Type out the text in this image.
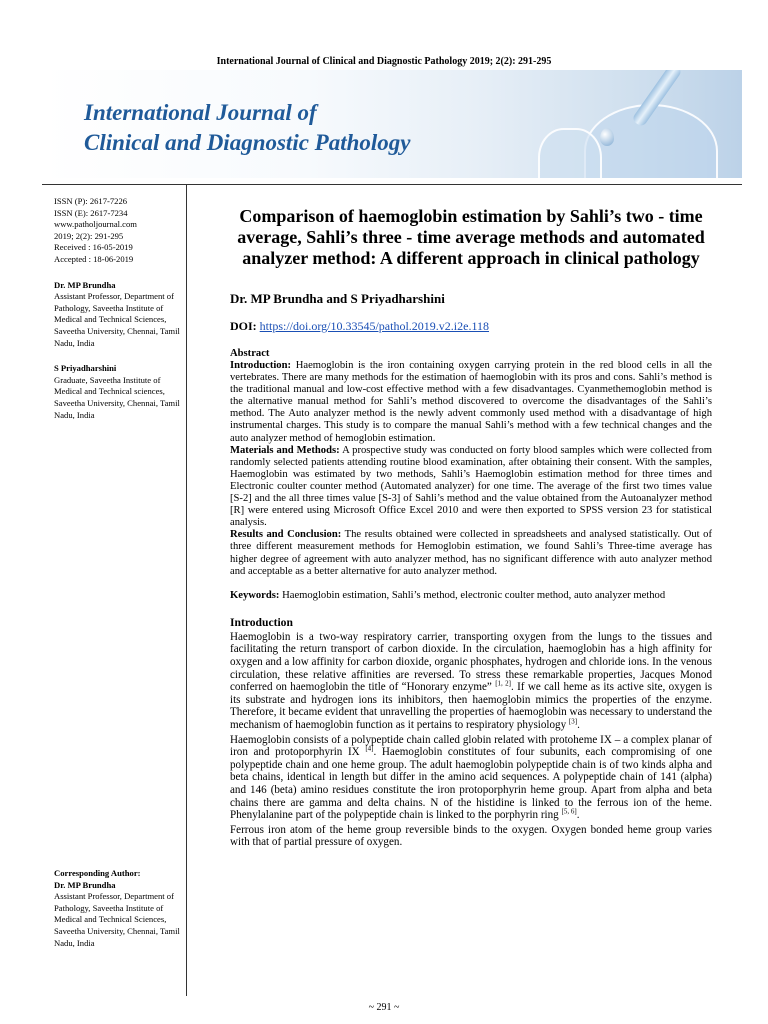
International Journal of Clinical and Diagnostic Pathology 2019; 2(2): 291-295
International Journal of
Clinical and Diagnostic Pathology
ISSN (P): 2617-7226
ISSN (E): 2617-7234
www.patholjournal.com
2019; 2(2): 291-295
Received : 16-05-2019
Accepted : 18-06-2019
Dr. MP Brundha
Assistant Professor, Department of Pathology, Saveetha Institute of Medical and Technical Sciences, Saveetha University, Chennai, Tamil Nadu, India
S Priyadharshini
Graduate, Saveetha Institute of Medical and Technical sciences, Saveetha University, Chennai, Tamil Nadu, India
Corresponding Author:
Dr. MP Brundha
Assistant Professor, Department of Pathology, Saveetha Institute of Medical and Technical Sciences, Saveetha University, Chennai, Tamil Nadu, India
Comparison of haemoglobin estimation by Sahli’s two - time average, Sahli’s three - time average methods and automated analyzer method: A different approach in clinical pathology
Dr. MP Brundha and S Priyadharshini
DOI: https://doi.org/10.33545/pathol.2019.v2.i2e.118
Abstract

Introduction: Haemoglobin is the iron containing oxygen carrying protein in the red blood cells in all the vertebrates. There are many methods for the estimation of haemoglobin with its pros and cons. Sahli’s method is the traditional manual and low-cost effective method with a few disadvantages. Cyanmethemoglobin method is the alternative manual method for Sahli’s method discovered to overcome the disadvantages of the Sahli’s method. The Auto analyzer method is the newly advent commonly used method with a disadvantage of high instrumental charges. This study is to compare the manual Sahli’s method with a few technical changes and the auto analyzer method of hemoglobin estimation.

Materials and Methods: A prospective study was conducted on forty blood samples which were collected from randomly selected patients attending routine blood examination, after obtaining their consent. With the samples, Haemoglobin was estimated by two methods, Sahli’s Haemoglobin estimation method for three times and Electronic coulter counter method (Automated analyzer) for one time. The average of the first two times value [S-2] and the all three times value [S-3] of Sahli’s method and the value obtained from the Autoanalyzer method [R] were entered using Microsoft Office Excel 2010 and were then exported to SPSS version 23 for statistical analysis.

Results and Conclusion: The results obtained were collected in spreadsheets and analysed statistically. Out of three different measurement methods for Hemoglobin estimation, we found Sahli’s Three-time average has higher degree of agreement with auto analyzer method, has no significant difference with auto analyzer method and acceptable as a better alternative for auto analyzer method.

Keywords: Haemoglobin estimation, Sahli’s method, electronic coulter method, auto analyzer method
Introduction

Haemoglobin is a two-way respiratory carrier, transporting oxygen from the lungs to the tissues and facilitating the return transport of carbon dioxide. In the circulation, haemoglobin has a high affinity for oxygen and a low affinity for carbon dioxide, organic phosphates, hydrogen and chloride ions. In the venous circulation, these relative affinities are reversed. To stress these remarkable properties, Jacques Monod conferred on haemoglobin the title of “Honorary enzyme” [1, 2]. If we call heme as its active site, oxygen is its substrate and hydrogen ions its inhibitors, then haemoglobin mimics the properties of the enzyme. Therefore, it became evident that unravelling the properties of haemoglobin was necessary to understand the mechanism of haemoglobin function as it pertains to respiratory physiology [3].

Haemoglobin consists of a polypeptide chain called globin related with protoheme IX – a complex planar of iron and protoporphyrin IX [4]. Haemoglobin constitutes of four subunits, each compromising of one polypeptide chain and one heme group. The adult haemoglobin polypeptide chain is of two kinds alpha and beta chains, identical in length but differ in the amino acid sequences. A polypeptide chain of 141 (alpha) and 146 (beta) amino residues constitute the iron protoporphyrin heme group. Apart from alpha and beta chains there are gamma and delta chains. N of the histidine is linked to the ferrous ion of the heme. Phenylalanine part of the polypeptide chain is linked to the porphyrin ring [5, 6].

Ferrous iron atom of the heme group reversible binds to the oxygen. Oxygen bonded heme group varies with that of partial pressure of oxygen.

~ 291 ~
